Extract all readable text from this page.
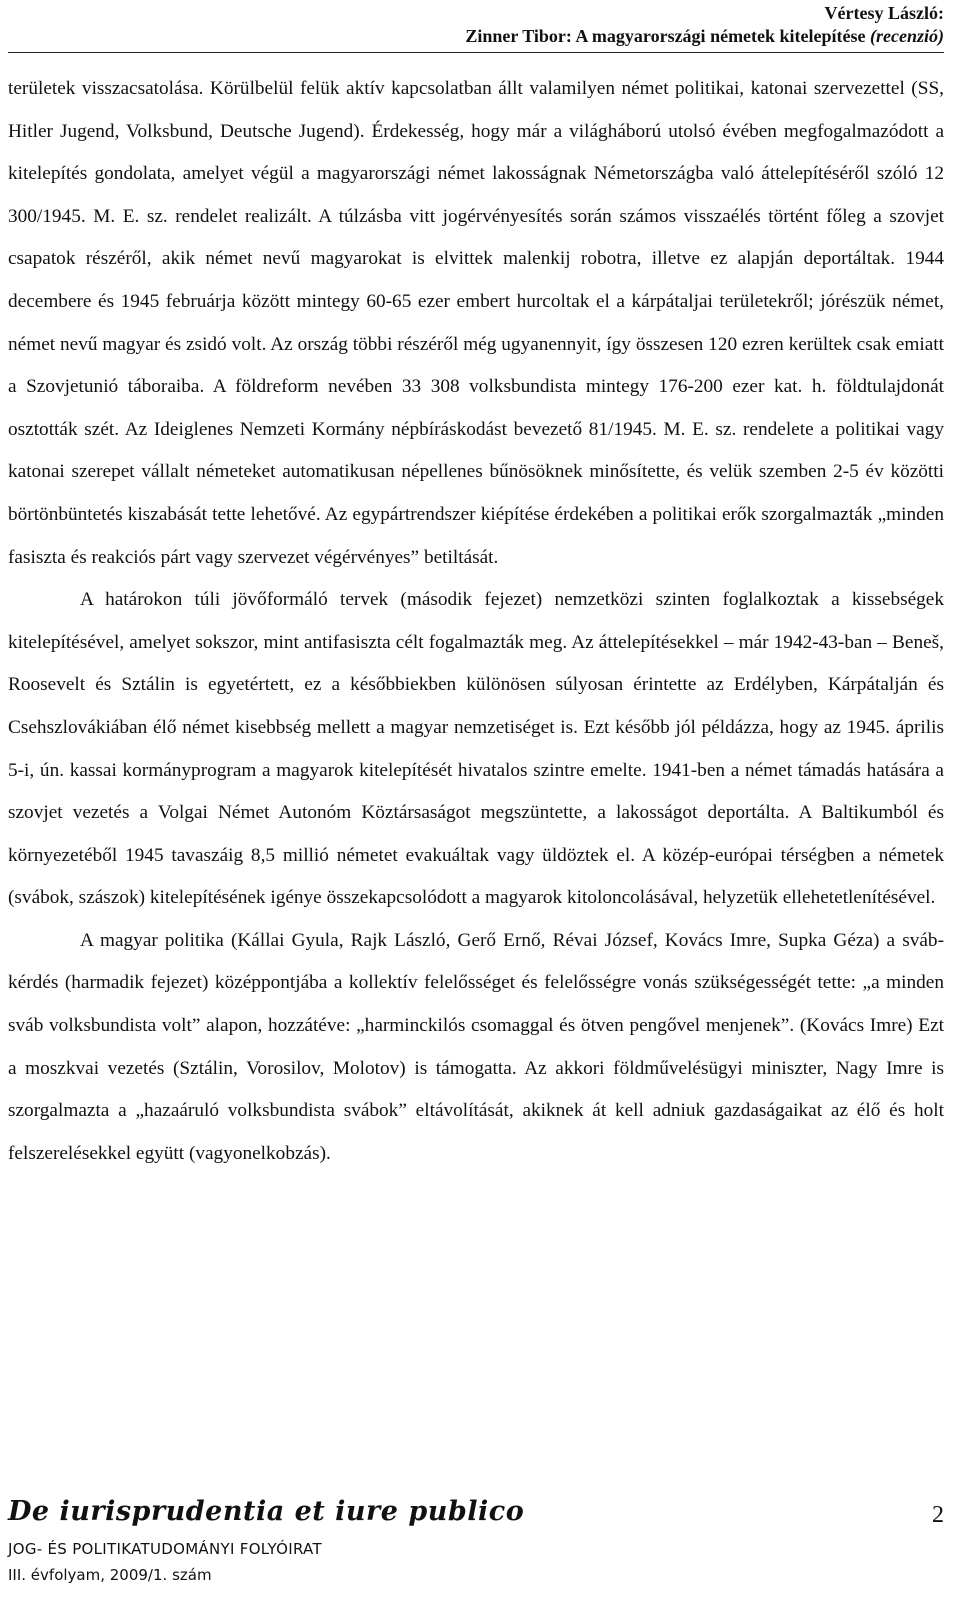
Vértesy László:
Zinner Tibor: A magyarországi németek kitelepítése (recenzió)

területek visszacsatolása. Körülbelül felük aktív kapcsolatban állt valamilyen német politikai, katonai szervezettel (SS, Hitler Jugend, Volksbund, Deutsche Jugend). Érdekesség, hogy már a világháború utolsó évében megfogalmazódott a kitelepítés gondolata, amelyet végül a magyarországi német lakosságnak Németországba való áttelepítéséről szóló 12 300/1945. M. E. sz. rendelet realizált. A túlzásba vitt jogérvényesítés során számos visszaélés történt főleg a szovjet csapatok részéről, akik német nevű magyarokat is elvittek malenkij robotra, illetve ez alapján deportáltak. 1944 decembere és 1945 februárja között mintegy 60-65 ezer embert hurcoltak el a kárpátaljai területekről; jórészük német, német nevű magyar és zsidó volt. Az ország többi részéről még ugyanennyit, így összesen 120 ezren kerültek csak emiatt a Szovjetunió táboraiba. A földreform nevében 33 308 volksbundista mintegy 176-200 ezer kat. h. földtulajdonát osztották szét. Az Ideiglenes Nemzeti Kormány népbíráskodást bevezető 81/1945. M. E. sz. rendelete a politikai vagy katonai szerepet vállalt németeket automatikusan népellenes bűnösöknek minősítette, és velük szemben 2-5 év közötti börtönbüntetés kiszabását tette lehetővé. Az egypártrendszer kiépítése érdekében a politikai erők szorgalmazták „minden fasiszta és reakciós párt vagy szervezet végérvényes” betiltását.

A határokon túli jövőformáló tervek (második fejezet) nemzetközi szinten foglalkoztak a kissebségek kitelepítésével, amelyet sokszor, mint antifasiszta célt fogalmazták meg. Az áttelepítésekkel – már 1942-43-ban – Beneš, Roosevelt és Sztálin is egyetértett, ez a későbbiekben különösen súlyosan érintette az Erdélyben, Kárpátalján és Csehszlovákiában élő német kisebbség mellett a magyar nemzetiséget is. Ezt később jól példázza, hogy az 1945. április 5-i, ún. kassai kormányprogram a magyarok kitelepítését hivatalos szintre emelte. 1941-ben a német támadás hatására a szovjet vezetés a Volgai Német Autonóm Köztársaságot megszüntette, a lakosságot deportálta. A Baltikumból és környezetéből 1945 tavaszáig 8,5 millió németet evakuáltak vagy üldöztek el. A közép-európai térségben a németek (svábok, szászok) kitelepítésének igénye összekapcsolódott a magyarok kitoloncolásával, helyzetük ellehetetlenítésével.

A magyar politika (Kállai Gyula, Rajk László, Gerő Ernő, Révai József, Kovács Imre, Supka Géza) a sváb-kérdés (harmadik fejezet) középpontjába a kollektív felelősséget és felelősségre vonás szükségességét tette: „a minden sváb volksbundista volt” alapon, hozzátéve: „harminckilós csomaggal és ötven pengővel menjenek”. (Kovács Imre) Ezt a moszkvai vezetés (Sztálin, Vorosilov, Molotov) is támogatta. Az akkori földművelésügyi miniszter, Nagy Imre is szorgalmazta a „hazaáruló volksbundista svábok” eltávolítását, akiknek át kell adniuk gazdaságaikat az élő és holt felszerelésekkel együtt (vagyonelkobzás).

De iurisprudentia et iure publico
JOG- ÉS POLITIKATUDOMÁNYI FOLYÓIRAT
III. évfolyam, 2009/1. szám
2
